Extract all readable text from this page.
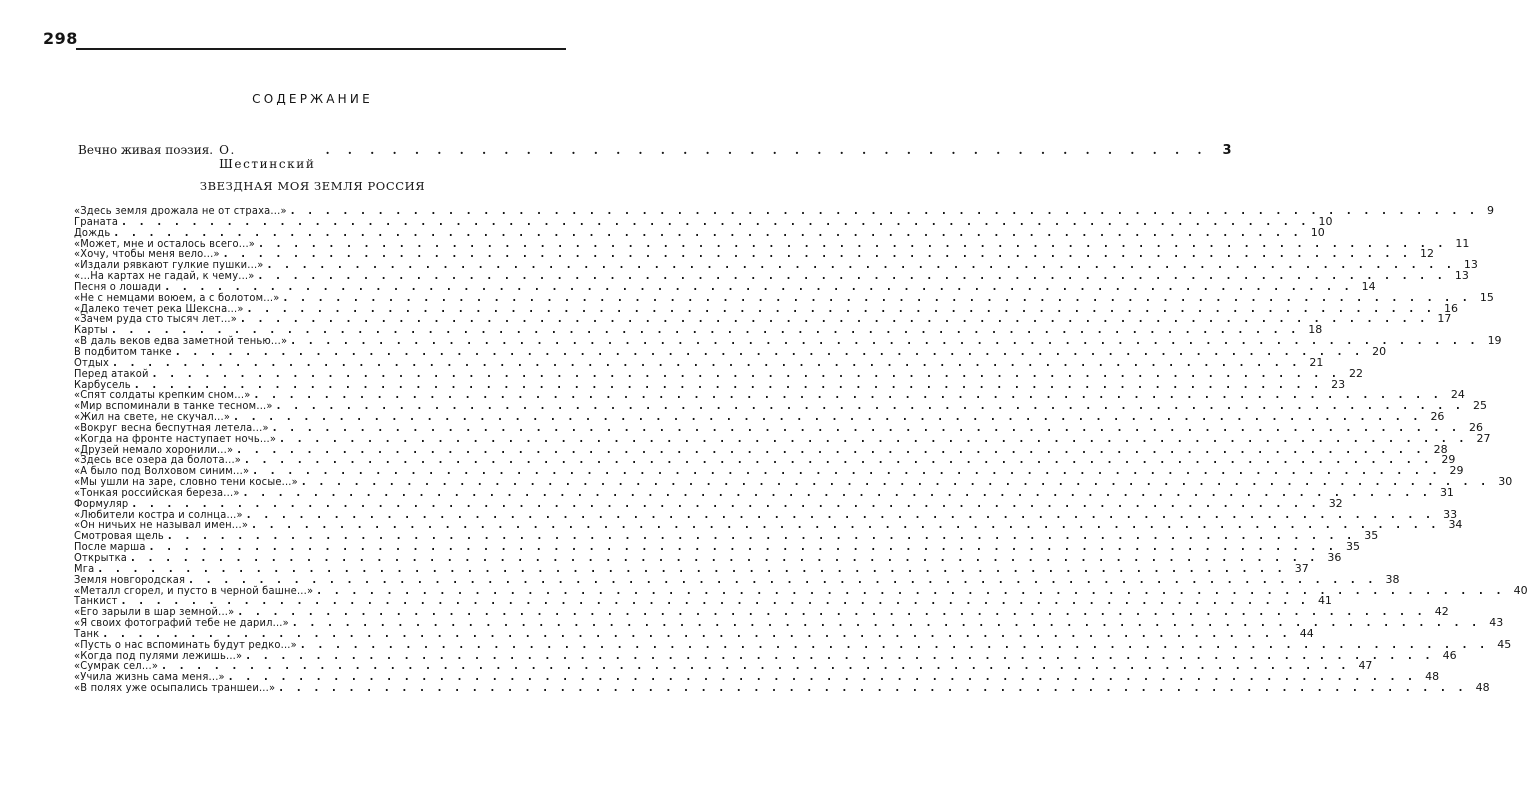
298
СОДЕРЖАНИЕ
Вечно живая поэзия. О. Шестинский
. . . . . . . . . . . . . . . . . . . . . . . . . . . . . . . . . . . . . . . . 3
ЗВЕЗДНАЯ МОЯ ЗЕМЛЯ РОССИЯ
«Здесь земля дрожала не от страха...» . . . . . . . . . . . . . . . . . . . . . . . . . . . . . . . . . . . . . . . . . . . . . . . . . . . . . . . . . . . . . . . . . . . . 9
Граната . . . . . . . . . . . . . . . . . . . . . . . . . . . . . . . . . . . . . . . . . . . . . . . . . . . . . . . . . . . . . . . . . . . . 10
Дождь . . . . . . . . . . . . . . . . . . . . . . . . . . . . . . . . . . . . . . . . . . . . . . . . . . . . . . . . . . . . . . . . . . . . 10
«Может, мне и осталось всего...» . . . . . . . . . . . . . . . . . . . . . . . . . . . . . . . . . . . . . . . . . . . . . . . . . . . . . . . . . . . . . . . . . . . . 11
«Хочу, чтобы меня вело...» . . . . . . . . . . . . . . . . . . . . . . . . . . . . . . . . . . . . . . . . . . . . . . . . . . . . . . . . . . . . . . . . . . . . 12
«Издали рявкают гулкие пушки...» . . . . . . . . . . . . . . . . . . . . . . . . . . . . . . . . . . . . . . . . . . . . . . . . . . . . . . . . . . . . . . . . . . . . 13
«...На картах не гадай, к чему...» . . . . . . . . . . . . . . . . . . . . . . . . . . . . . . . . . . . . . . . . . . . . . . . . . . . . . . . . . . . . . . . . . . . . 13
Песня о лошади . . . . . . . . . . . . . . . . . . . . . . . . . . . . . . . . . . . . . . . . . . . . . . . . . . . . . . . . . . . . . . . . . . . . 14
«Не с немцами воюем, а с болотом...» . . . . . . . . . . . . . . . . . . . . . . . . . . . . . . . . . . . . . . . . . . . . . . . . . . . . . . . . . . . . . . . . . . . . 15
«Далеко течет река Шексна...» . . . . . . . . . . . . . . . . . . . . . . . . . . . . . . . . . . . . . . . . . . . . . . . . . . . . . . . . . . . . . . . . . . . . 16
«Зачем руда сто тысяч лет...» . . . . . . . . . . . . . . . . . . . . . . . . . . . . . . . . . . . . . . . . . . . . . . . . . . . . . . . . . . . . . . . . . . . . 17
Карты . . . . . . . . . . . . . . . . . . . . . . . . . . . . . . . . . . . . . . . . . . . . . . . . . . . . . . . . . . . . . . . . . . . . 18
«В даль веков едва заметной тенью...» . . . . . . . . . . . . . . . . . . . . . . . . . . . . . . . . . . . . . . . . . . . . . . . . . . . . . . . . . . . . . . . . . . . . 19
В подбитом танке . . . . . . . . . . . . . . . . . . . . . . . . . . . . . . . . . . . . . . . . . . . . . . . . . . . . . . . . . . . . . . . . . . . . 20
Отдых . . . . . . . . . . . . . . . . . . . . . . . . . . . . . . . . . . . . . . . . . . . . . . . . . . . . . . . . . . . . . . . . . . . . 21
Перед атакой . . . . . . . . . . . . . . . . . . . . . . . . . . . . . . . . . . . . . . . . . . . . . . . . . . . . . . . . . . . . . . . . . . . . 22
Карбусель . . . . . . . . . . . . . . . . . . . . . . . . . . . . . . . . . . . . . . . . . . . . . . . . . . . . . . . . . . . . . . . . . . . . 23
«Спят солдаты крепким сном...» . . . . . . . . . . . . . . . . . . . . . . . . . . . . . . . . . . . . . . . . . . . . . . . . . . . . . . . . . . . . . . . . . . . . 24
«Мир вспоминали в танке тесном...» . . . . . . . . . . . . . . . . . . . . . . . . . . . . . . . . . . . . . . . . . . . . . . . . . . . . . . . . . . . . . . . . . . . . 25
«Жил на свете, не скучал...» . . . . . . . . . . . . . . . . . . . . . . . . . . . . . . . . . . . . . . . . . . . . . . . . . . . . . . . . . . . . . . . . . . . . 26
«Вокруг весна беспутная летела...» . . . . . . . . . . . . . . . . . . . . . . . . . . . . . . . . . . . . . . . . . . . . . . . . . . . . . . . . . . . . . . . . . . . . 26
«Когда на фронте наступает ночь...» . . . . . . . . . . . . . . . . . . . . . . . . . . . . . . . . . . . . . . . . . . . . . . . . . . . . . . . . . . . . . . . . . . . . 27
«Друзей немало хоронили...» . . . . . . . . . . . . . . . . . . . . . . . . . . . . . . . . . . . . . . . . . . . . . . . . . . . . . . . . . . . . . . . . . . . . 28
«Здесь все озера да болота...» . . . . . . . . . . . . . . . . . . . . . . . . . . . . . . . . . . . . . . . . . . . . . . . . . . . . . . . . . . . . . . . . . . . . 29
«А было под Волховом синим...» . . . . . . . . . . . . . . . . . . . . . . . . . . . . . . . . . . . . . . . . . . . . . . . . . . . . . . . . . . . . . . . . . . . . 29
«Мы ушли на заре, словно тени косые...» . . . . . . . . . . . . . . . . . . . . . . . . . . . . . . . . . . . . . . . . . . . . . . . . . . . . . . . . . . . . . . . . . . . . 30
«Тонкая российская береза...» . . . . . . . . . . . . . . . . . . . . . . . . . . . . . . . . . . . . . . . . . . . . . . . . . . . . . . . . . . . . . . . . . . . . 31
Формуляр . . . . . . . . . . . . . . . . . . . . . . . . . . . . . . . . . . . . . . . . . . . . . . . . . . . . . . . . . . . . . . . . . . . . 32
«Любители костра и солнца...» . . . . . . . . . . . . . . . . . . . . . . . . . . . . . . . . . . . . . . . . . . . . . . . . . . . . . . . . . . . . . . . . . . . . 33
«Он ничьих не называл имен...» . . . . . . . . . . . . . . . . . . . . . . . . . . . . . . . . . . . . . . . . . . . . . . . . . . . . . . . . . . . . . . . . . . . . 34
Смотровая щель . . . . . . . . . . . . . . . . . . . . . . . . . . . . . . . . . . . . . . . . . . . . . . . . . . . . . . . . . . . . . . . . . . . . 35
После марша . . . . . . . . . . . . . . . . . . . . . . . . . . . . . . . . . . . . . . . . . . . . . . . . . . . . . . . . . . . . . . . . . . . . 35
Открытка . . . . . . . . . . . . . . . . . . . . . . . . . . . . . . . . . . . . . . . . . . . . . . . . . . . . . . . . . . . . . . . . . . . . 36
Мга . . . . . . . . . . . . . . . . . . . . . . . . . . . . . . . . . . . . . . . . . . . . . . . . . . . . . . . . . . . . . . . . . . . . 37
Земля новгородская . . . . . . . . . . . . . . . . . . . . . . . . . . . . . . . . . . . . . . . . . . . . . . . . . . . . . . . . . . . . . . . . . . . . 38
«Металл сгорел, и пусто в черной башне...» . . . . . . . . . . . . . . . . . . . . . . . . . . . . . . . . . . . . . . . . . . . . . . . . . . . . . . . . . . . . . . . . . . . . 40
Танкист . . . . . . . . . . . . . . . . . . . . . . . . . . . . . . . . . . . . . . . . . . . . . . . . . . . . . . . . . . . . . . . . . . . . 41
«Его зарыли в шар земной...» . . . . . . . . . . . . . . . . . . . . . . . . . . . . . . . . . . . . . . . . . . . . . . . . . . . . . . . . . . . . . . . . . . . . 42
«Я своих фотографий тебе не дарил...» . . . . . . . . . . . . . . . . . . . . . . . . . . . . . . . . . . . . . . . . . . . . . . . . . . . . . . . . . . . . . . . . . . . . 43
Танк . . . . . . . . . . . . . . . . . . . . . . . . . . . . . . . . . . . . . . . . . . . . . . . . . . . . . . . . . . . . . . . . . . . . 44
«Пусть о нас вспоминать будут редко...» . . . . . . . . . . . . . . . . . . . . . . . . . . . . . . . . . . . . . . . . . . . . . . . . . . . . . . . . . . . . . . . . . . . . 45
«Когда под пулями лежишь...» . . . . . . . . . . . . . . . . . . . . . . . . . . . . . . . . . . . . . . . . . . . . . . . . . . . . . . . . . . . . . . . . . . . . 46
«Сумрак сел...» . . . . . . . . . . . . . . . . . . . . . . . . . . . . . . . . . . . . . . . . . . . . . . . . . . . . . . . . . . . . . . . . . . . . 47
«Учила жизнь сама меня...» . . . . . . . . . . . . . . . . . . . . . . . . . . . . . . . . . . . . . . . . . . . . . . . . . . . . . . . . . . . . . . . . . . . . 48
«В полях уже осыпались траншеи...» . . . . . . . . . . . . . . . . . . . . . . . . . . . . . . . . . . . . . . . . . . . . . . . . . . . . . . . . . . . . . . . . . . . . 48
